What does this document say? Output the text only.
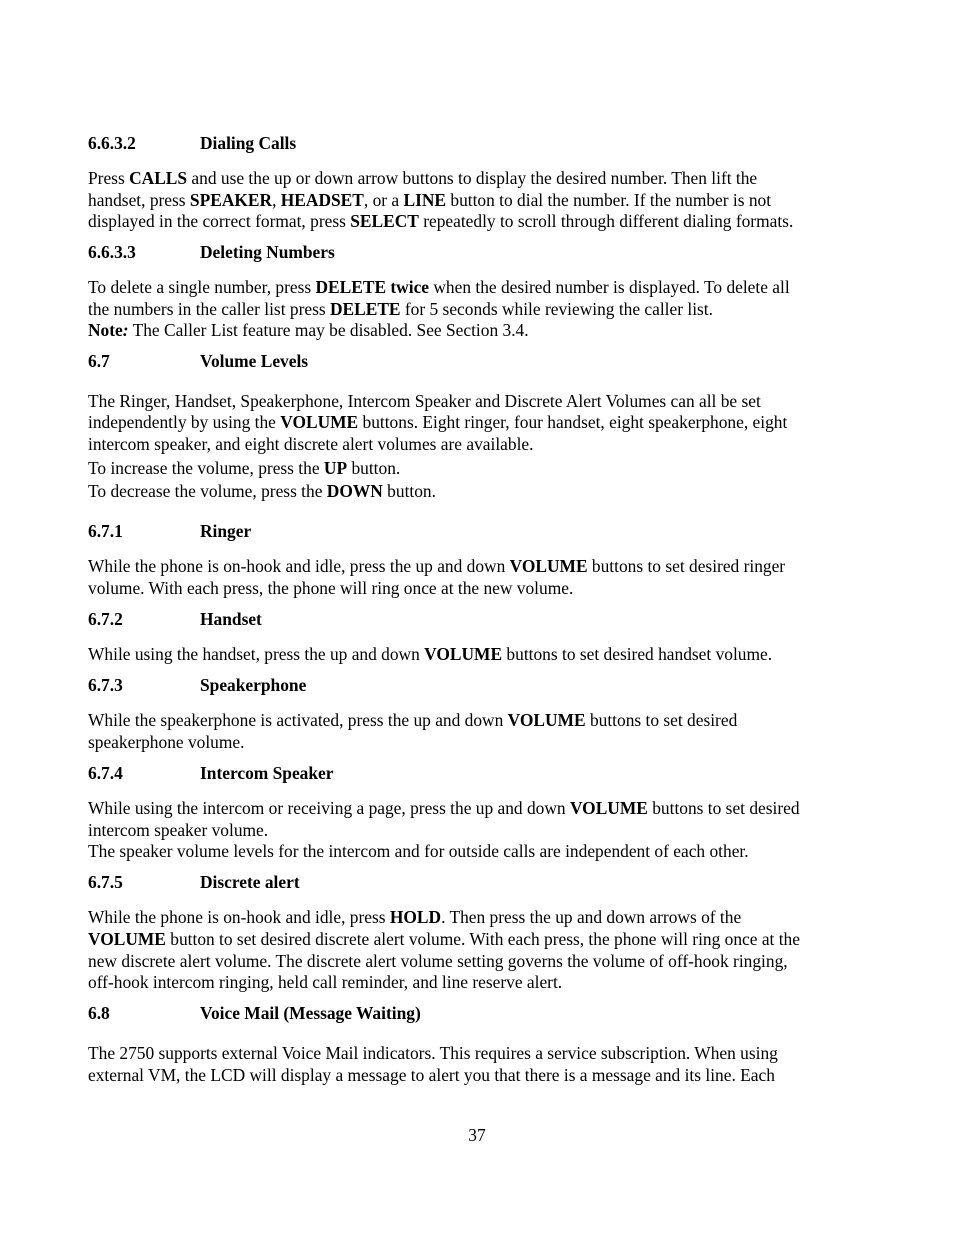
6.6.3.2	Dialing Calls
Press CALLS and use the up or down arrow buttons to display the desired number. Then lift the
handset, press SPEAKER, HEADSET, or a LINE button to dial the number. If the number is not
displayed in the correct format, press SELECT repeatedly to scroll through different dialing formats.
6.6.3.3	Deleting Numbers
To delete a single number, press DELETE twice when the desired number is displayed. To delete all
the numbers in the caller list press DELETE for 5 seconds while reviewing the caller list.
Note: The Caller List feature may be disabled. See Section 3.4.
6.7	Volume Levels
The Ringer, Handset, Speakerphone, Intercom Speaker and Discrete Alert Volumes can all be set
independently by using the VOLUME buttons. Eight ringer, four handset, eight speakerphone, eight
intercom speaker, and eight discrete alert volumes are available.
To increase the volume, press the UP button.
To decrease the volume, press the DOWN button.
6.7.1	Ringer
While the phone is on-hook and idle, press the up and down VOLUME buttons to set desired ringer
volume. With each press, the phone will ring once at the new volume.
6.7.2	Handset
While using the handset, press the up and down VOLUME buttons to set desired handset volume.
6.7.3	Speakerphone
While the speakerphone is activated, press the up and down VOLUME buttons to set desired
speakerphone volume.
6.7.4	Intercom Speaker
While using the intercom or receiving a page, press the up and down VOLUME buttons to set desired
intercom speaker volume.
The speaker volume levels for the intercom and for outside calls are independent of each other.
6.7.5	Discrete alert
While the phone is on-hook and idle, press HOLD. Then press the up and down arrows of the
VOLUME button to set desired discrete alert volume. With each press, the phone will ring once at the
new discrete alert volume. The discrete alert volume setting governs the volume of off-hook ringing,
off-hook intercom ringing, held call reminder, and line reserve alert.
6.8	Voice Mail (Message Waiting)
The 2750 supports external Voice Mail indicators. This requires a service subscription. When using
external VM, the LCD will display a message to alert you that there is a message and its line. Each
37
